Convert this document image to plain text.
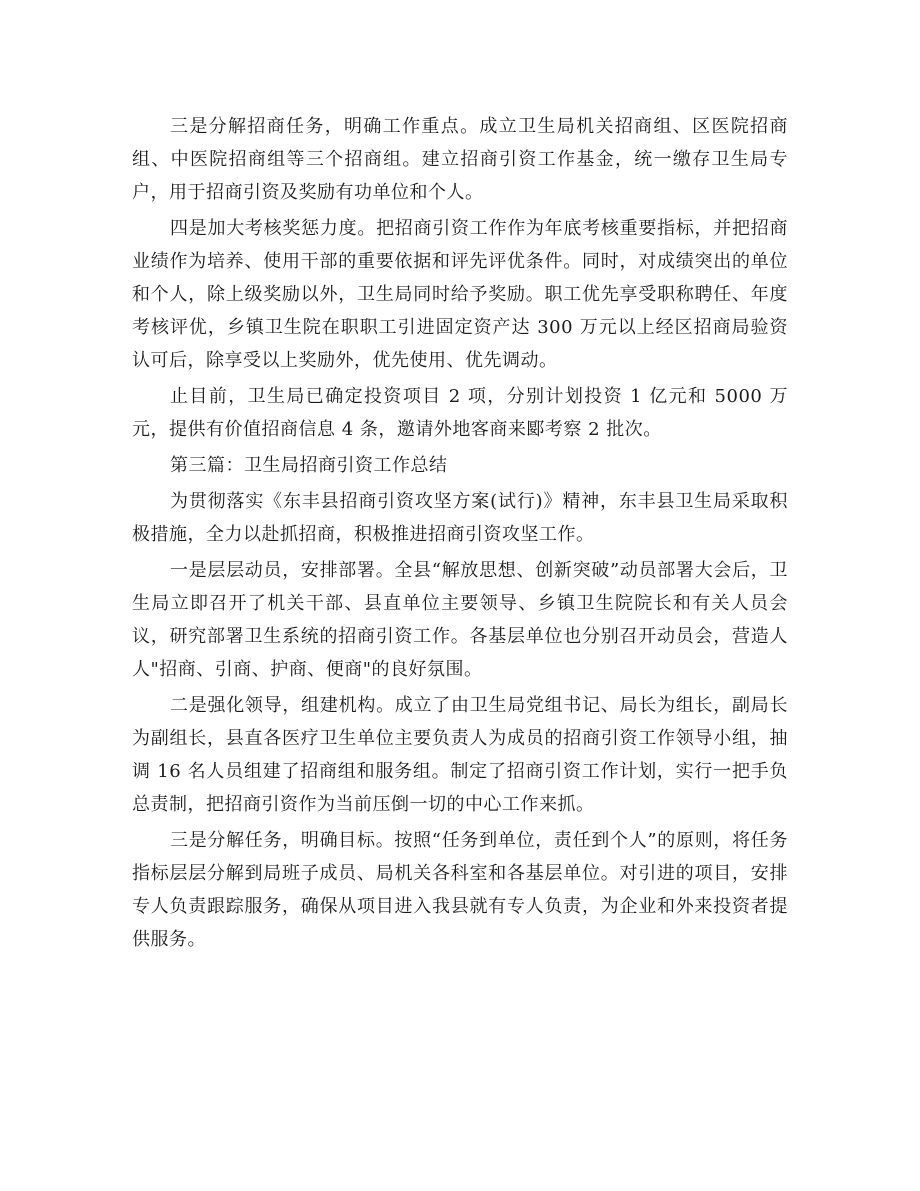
三是分解招商任务，明确工作重点。成立卫生局机关招商组、区医院招商组、中医院招商组等三个招商组。建立招商引资工作基金，统一缴存卫生局专户，用于招商引资及奖励有功单位和个人。

四是加大考核奖惩力度。把招商引资工作作为年底考核重要指标，并把招商业绩作为培养、使用干部的重要依据和评先评优条件。同时，对成绩突出的单位和个人，除上级奖励以外，卫生局同时给予奖励。职工优先享受职称聘任、年度考核评优，乡镇卫生院在职职工引进固定资产达 300 万元以上经区招商局验资认可后，除享受以上奖励外，优先使用、优先调动。

止目前，卫生局已确定投资项目 2 项，分别计划投资 1 亿元和 5000 万元，提供有价值招商信息 4 条，邀请外地客商来郾考察 2 批次。

第三篇：卫生局招商引资工作总结

为贯彻落实《东丰县招商引资攻坚方案(试行)》精神，东丰县卫生局采取积极措施，全力以赴抓招商，积极推进招商引资攻坚工作。

一是层层动员，安排部署。全县“解放思想、创新突破”动员部署大会后，卫生局立即召开了机关干部、县直单位主要领导、乡镇卫生院院长和有关人员会议，研究部署卫生系统的招商引资工作。各基层单位也分别召开动员会，营造人人"招商、引商、护商、便商"的良好氛围。

二是强化领导，组建机构。成立了由卫生局党组书记、局长为组长，副局长为副组长，县直各医疗卫生单位主要负责人为成员的招商引资工作领导小组，抽调 16 名人员组建了招商组和服务组。制定了招商引资工作计划，实行一把手负总责制，把招商引资作为当前压倒一切的中心工作来抓。

三是分解任务，明确目标。按照“任务到单位，责任到个人”的原则，将任务指标层层分解到局班子成员、局机关各科室和各基层单位。对引进的项目，安排专人负责跟踪服务，确保从项目进入我县就有专人负责，为企业和外来投资者提供服务。
